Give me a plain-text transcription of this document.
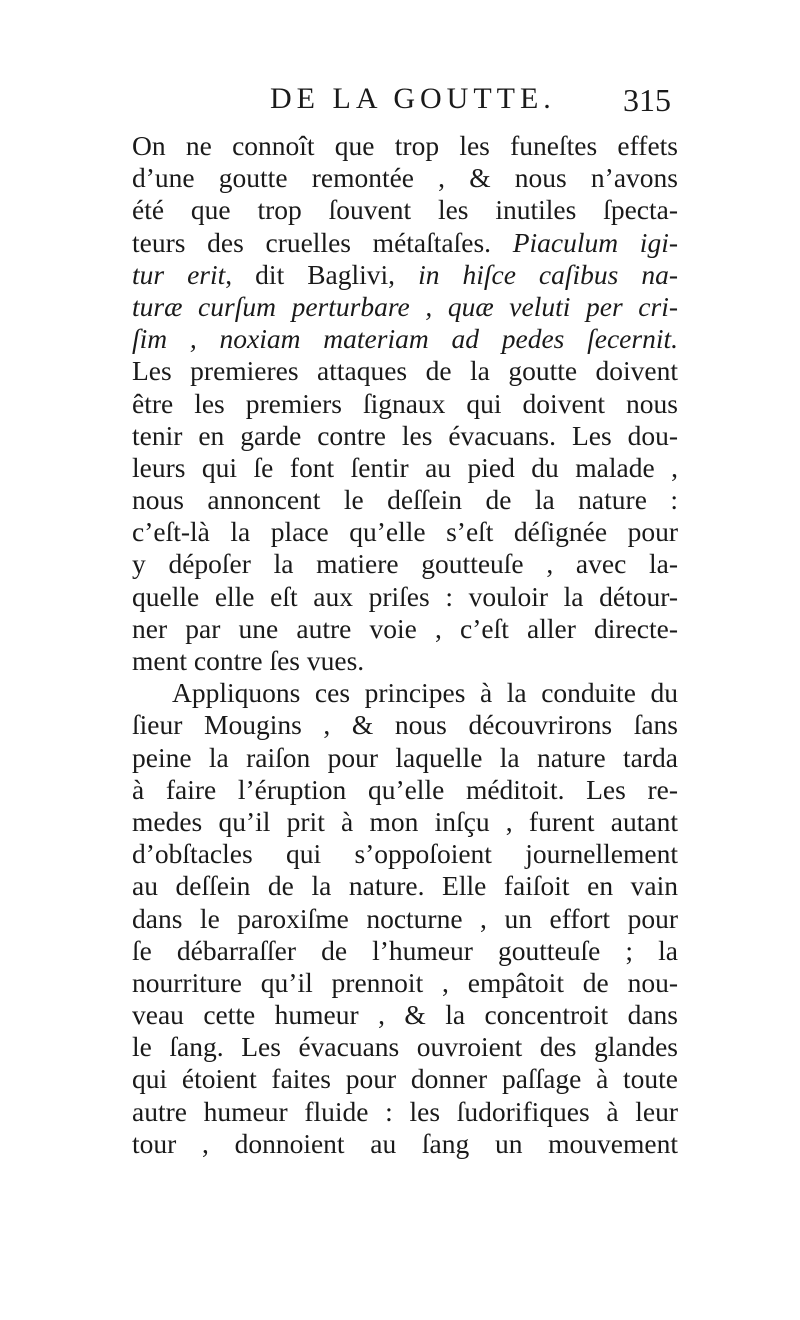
DE LA GOUTTE. 315
On ne connoît que trop les funeſtes effets
d’une goutte remontée , & nous n’avons
été que trop ſouvent les inutiles ſpecta-
teurs des cruelles métaſtaſes. Piaculum igi-
tur erit, dit Baglivi, in hiſce caſibus na-
turæ curſum perturbare , quæ veluti per cri-
ſim , noxiam materiam ad pedes ſecernit.
Les premieres attaques de la goutte doivent
être les premiers ſignaux qui doivent nous
tenir en garde contre les évacuans. Les dou-
leurs qui ſe font ſentir au pied du malade ,
nous annoncent le deſſein de la nature :
c’eſt-là la place qu’elle s’eſt déſignée pour
y dépoſer la matiere goutteuſe , avec la-
quelle elle eſt aux priſes : vouloir la détour-
ner par une autre voie , c’eſt aller directe-
ment contre ſes vues.
Appliquons ces principes à la conduite du
ſieur Mougins , & nous découvrirons ſans
peine la raiſon pour laquelle la nature tarda
à faire l’éruption qu’elle méditoit. Les re-
medes qu’il prit à mon inſçu , furent autant
d’obſtacles qui s’oppoſoient journellement
au deſſein de la nature. Elle faiſoit en vain
dans le paroxiſme nocturne , un effort pour
ſe débarraſſer de l’humeur goutteuſe ; la
nourriture qu’il prennoit , empâtoit de nou-
veau cette humeur , & la concentroit dans
le ſang. Les évacuans ouvroient des glandes
qui étoient faites pour donner paſſage à toute
autre humeur fluide : les ſudorifiques à leur
tour , donnoient au ſang un mouvement
